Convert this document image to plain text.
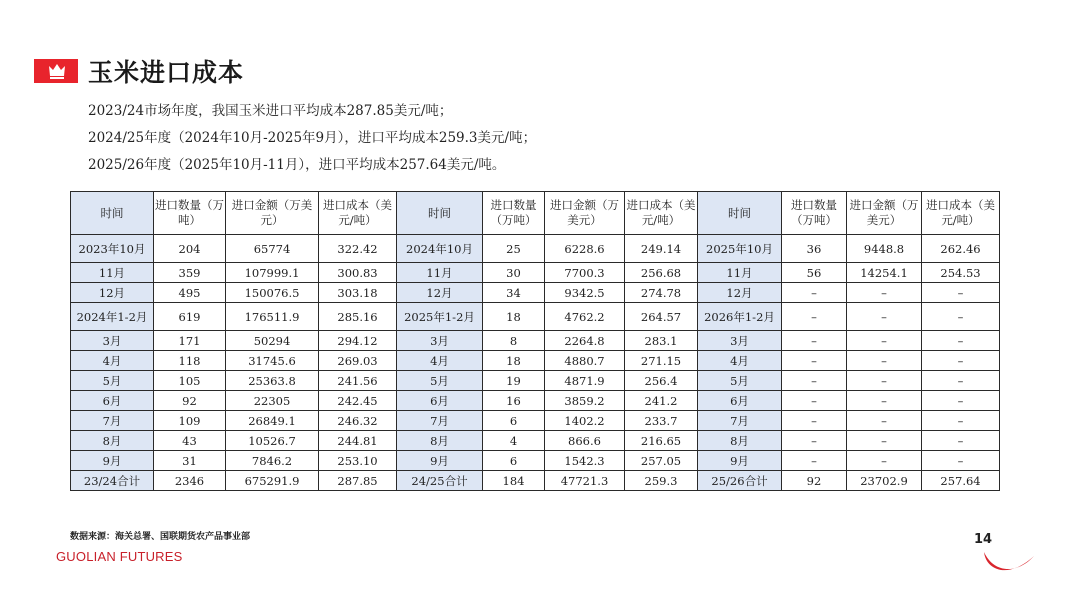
玉米进口成本

2023/24市场年度，我国玉米进口平均成本287.85美元/吨；

2024/25年度（2024年10月-2025年9月），进口平均成本259.3美元/吨；

2025/26年度（2025年10月-11月），进口平均成本257.64美元/吨。

时间	进口数量（万吨）	进口金额（万美元）	进口成本（美元/吨）	时间	进口数量（万吨）	进口金额（万美元）	进口成本（美元/吨）	时间	进口数量（万吨）	进口金额（万美元）	进口成本（美元/吨）
2023年10月	204	65774	322.42	2024年10月	25	6228.6	249.14	2025年10月	36	9448.8	262.46
11月	359	107999.1	300.83	11月	30	7700.3	256.68	11月	56	14254.1	254.53
12月	495	150076.5	303.18	12月	34	9342.5	274.78	12月	–	–	–
2024年1-2月	619	176511.9	285.16	2025年1-2月	18	4762.2	264.57	2026年1-2月	–	–	–
3月	171	50294	294.12	3月	8	2264.8	283.1	3月	–	–	–
4月	118	31745.6	269.03	4月	18	4880.7	271.15	4月	–	–	–
5月	105	25363.8	241.56	5月	19	4871.9	256.4	5月	–	–	–
6月	92	22305	242.45	6月	16	3859.2	241.2	6月	–	–	–
7月	109	26849.1	246.32	7月	6	1402.2	233.7	7月	–	–	–
8月	43	10526.7	244.81	8月	4	866.6	216.65	8月	–	–	–
9月	31	7846.2	253.10	9月	6	1542.3	257.05	9月	–	–	–
23/24合计	2346	675291.9	287.85	24/25合计	184	47721.3	259.3	25/26合计	92	23702.9	257.64
数据来源：海关总署、国联期货农产品事业部
GUOLIAN FUTURES
14
